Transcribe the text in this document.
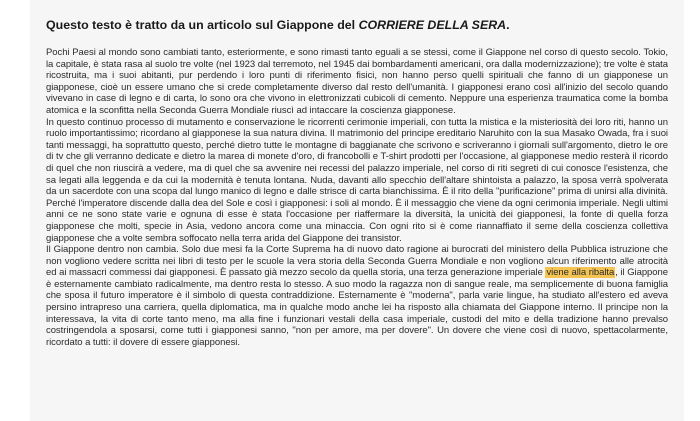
Questo testo è tratto da un articolo sul Giappone del CORRIERE DELLA SERA.

Pochi Paesi al mondo sono cambiati tanto, esteriormente, e sono rimasti tanto eguali a se stessi, come il Giappone nel corso di questo secolo. Tokio, la capitale, è stata rasa al suolo tre volte (nel 1923 dal terremoto, nel 1945 dai bombardamenti americani, ora dalla modernizzazione); tre volte è stata ricostruita, ma i suoi abitanti, pur perdendo i loro punti di riferimento fisici, non hanno perso quelli spirituali che fanno di un giapponese un giapponese, cioè un essere umano che si crede completamente diverso dal resto dell'umanità. I giapponesi erano così all'inizio del secolo quando vivevano in case di legno e di carta, lo sono ora che vivono in elettronizzati cubicoli di cemento. Neppure una esperienza traumatica come la bomba atomica e la sconfitta nella Seconda Guerra Mondiale riuscì ad intaccare la coscienza giapponese.

In questo continuo processo di mutamento e conservazione le ricorrenti cerimonie imperiali, con tutta la mistica e la misteriosità dei loro riti, hanno un ruolo importantissimo; ricordano al giapponese la sua natura divina. Il matrimonio del principe ereditario Naruhito con la sua Masako Owada, fra i suoi tanti messaggi, ha soprattutto questo, perché dietro tutte le montagne di baggianate che scrivono e scriveranno i giornali sull'argomento, dietro le ore di tv che gli verranno dedicate e dietro la marea di monete d'oro, di francobolli e T-shirt prodotti per l'occasione, al giapponese medio resterà il ricordo di quel che non riuscirà a vedere, ma di quel che sa avvenire nei recessi del palazzo imperiale, nel corso di riti segreti di cui conosce l'esistenza, che sa legati alla leggenda e da cui la modernità è tenuta lontana. Nuda, davanti allo specchio dell'altare shintoista a palazzo, la sposa verrà spolverata da un sacerdote con una scopa dal lungo manico di legno e dalle strisce di carta bianchissima. È il rito della "purificazione" prima di unirsi alla divinità. Perché l'imperatore discende dalla dea del Sole e così i giapponesi: i soli al mondo. È il messaggio che viene da ogni cerimonia imperiale. Negli ultimi anni ce ne sono state varie e ognuna di esse è stata l'occasione per riaffermare la diversità, la unicità dei giapponesi, la fonte di quella forza giapponese che molti, specie in Asia, vedono ancora come una minaccia. Con ogni rito si è come riannaffiato il seme della coscienza collettiva giapponese che a volte sembra soffocato nella terra arida del Giappone dei transistor.

Il Giappone dentro non cambia. Solo due mesi fa la Corte Suprema ha di nuovo dato ragione ai burocrati del ministero della Pubblica istruzione che non vogliono vedere scritta nei libri di testo per le scuole la vera storia della Seconda Guerra Mondiale e non vogliono alcun riferimento alle atrocità ed ai massacri commessi dai giapponesi. È passato già mezzo secolo da quella storia, una terza generazione imperiale viene alla ribalta, il Giappone è esternamente cambiato radicalmente, ma dentro resta lo stesso. A suo modo la ragazza non di sangue reale, ma semplicemente di buona famiglia che sposa il futuro imperatore è il simbolo di questa contraddizione. Esternamente è "moderna", parla varie lingue, ha studiato all'estero ed aveva persino intrapreso una carriera, quella diplomatica, ma in qualche modo anche lei ha risposto alla chiamata del Giappone interno. Il principe non la interessava, la vita di corte tanto meno, ma alla fine i funzionari vestali della casa imperiale, custodi del mito e della tradizione hanno prevalso costringendola a sposarsi, come tutti i giapponesi sanno, "non per amore, ma per dovere". Un dovere che viene così di nuovo, spettacolarmente, ricordato a tutti: il dovere di essere giapponesi.
